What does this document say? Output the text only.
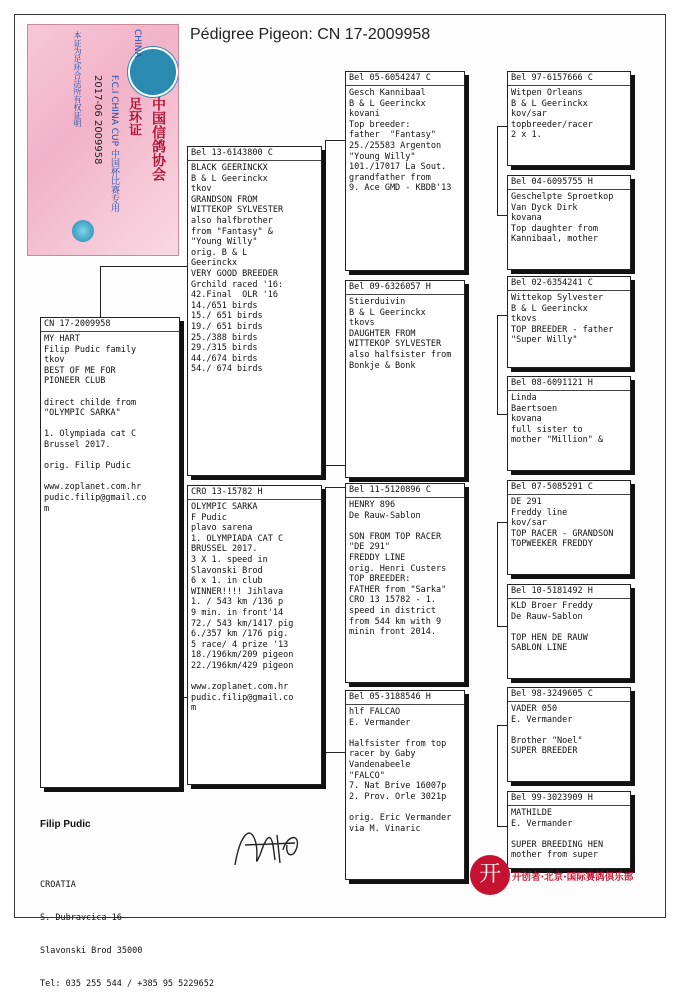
Pédigree Pigeon: CN 17-2009958
中国信鸽协会
CHINA
足环证
F.C.I CHINA CUP 中国杯比赛专用
2017-06 2009958
本证为足环合法所有权证明
CN 17-2009958
MY HART
Filip Pudic family
tkov
BEST OF ME FOR
PIONEER CLUB

direct childe from
"OLYMPIC SARKA"

1. Olympiada cat C
Brussel 2017.

orig. Filip Pudic

www.zoplanet.com.hr
pudic.filip@gmail.co
m
Bel 13-6143800 C
BLACK GEERINCKX
B & L Geerinckx
tkov
GRANDSON FROM
WITTEKOP SYLVESTER
also halfbrother
from "Fantasy" &
"Young Willy"
orig. B & L
Geerinckx
VERY GOOD BREEDER
Grchild raced '16:
42.Final  OLR '16
14./651 birds
15./ 651 birds
19./ 651 birds
25./388 birds
29./315 birds
44./674 birds
54./ 674 birds
CRO 13-15782 H
OLYMPIC SARKA
F Pudic
plavo sarena
1. OLYMPIADA CAT C
BRUSSEL 2017.
3 X 1. speed in
Slavonski Brod
6 x 1. in club
WINNER!!!! Jihlava
1. / 543 km /136 p
9 min. in front'14
72./ 543 km/1417 pig
6./357 km /176 pig.
5 race/ 4 prize '13
18./196km/209 pigeon
22./196km/429 pigeon

www.zoplanet.com.hr
pudic.filip@gmail.co
m
Bel 05-6054247 C
Gesch Kannibaal
B & L Geerinckx
kovani
Top breeder:
father  "Fantasy"
25./25583 Argenton
"Young Willy"
101./17017 La Sout.
grandfather from
9. Ace GMD - KBDB'13
Bel 09-6326057 H
Stierduivin
B & L Geerinckx
tkovs
DAUGHTER FROM
WITTEKOP SYLVESTER
also halfsister from
Bonkje & Bonk
Bel 11-5120896 C
HENRY 896
De Rauw-Sablon

SON FROM TOP RACER
"DE 291"
FREDDY LINE
orig. Henri Custers
TOP BREEDER:
FATHER from "Sarka"
CRO 13 15782 - 1.
speed in district
from 544 km with 9
minin front 2014.
Bel 05-3188546 H
hlf FALCAO
E. Vermander

Halfsister from top
racer by Gaby
Vandenabeele
"FALCO"
7. Nat Brive 16007p
2. Prov. Orle 3021p

orig. Eric Vermander
via M. Vinaric
Bel 97-6157666 C
Witpen Orleans
B & L Geerinckx
kov/sar
topbreeder/racer
2 x 1.
Bel 04-6095755 H
Geschelpte Sproetkop
Van Dyck Dirk
kovana
Top daughter from
Kannibaal, mother
Bel 02-6354241 C
Wittekop Sylvester
B & L Geerinckx
tkovs
TOP BREEDER - father
"Super Willy"
Bel 08-6091121 H
Linda
Baertsoen
kovana
full sister to
mother "Million" &
Bel 07-5085291 C
DE 291
Freddy line
kov/sar
TOP RACER - GRANDSON
TOPWEEKER FREDDY
Bel 10-5181492 H
KLD Broer Freddy
De Rauw-Sablon

TOP HEN DE RAUW
SABLON LINE
Bel 98-3249605 C
VADER 050
E. Vermander

Brother "Noel"
SUPER BREEDER
Bel 99-3023909 H
MATHILDE
E. Vermander

SUPER BREEDING HEN
mother from super

Filip Pudic

CROATIA

S. Dubravcica 16

Slavonski Brod 35000

Tel: 035 255 544 / +385 95 5229652

开	开创者·北京·国际赛鸽俱乐部
